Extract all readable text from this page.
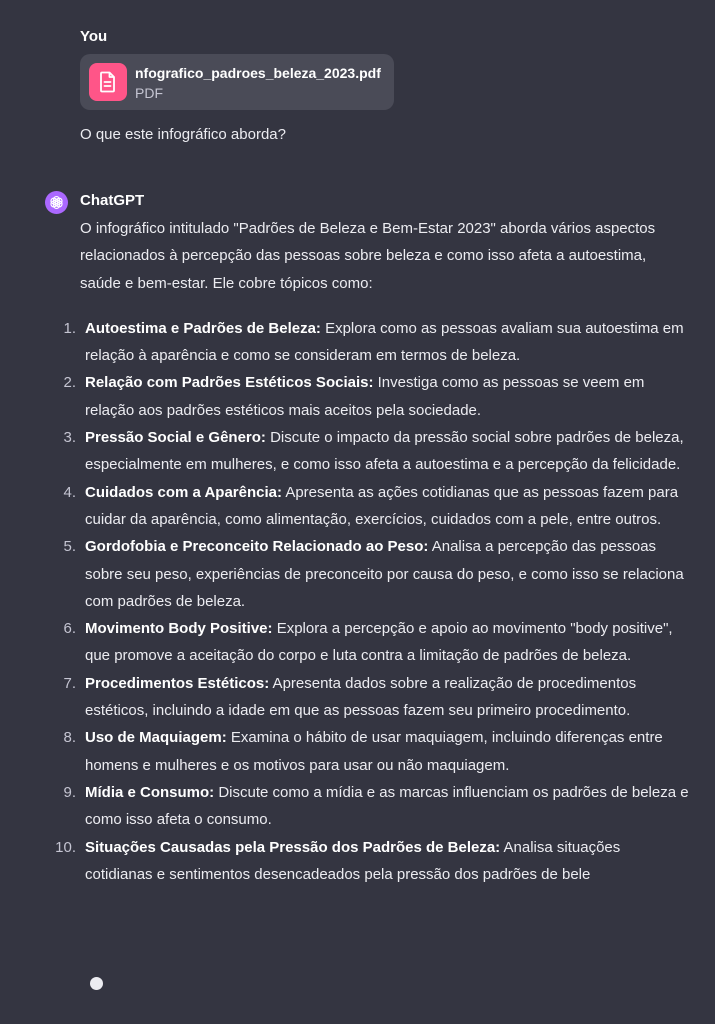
You
nfografico_padroes_beleza_2023.pdf
PDF
O que este infográfico aborda?
ChatGPT
O infográfico intitulado "Padrões de Beleza e Bem-Estar 2023" aborda vários aspectos relacionados à percepção das pessoas sobre beleza e como isso afeta a autoestima, saúde e bem-estar. Ele cobre tópicos como:
1. Autoestima e Padrões de Beleza: Explora como as pessoas avaliam sua autoestima em relação à aparência e como se consideram em termos de beleza.
2. Relação com Padrões Estéticos Sociais: Investiga como as pessoas se veem em relação aos padrões estéticos mais aceitos pela sociedade.
3. Pressão Social e Gênero: Discute o impacto da pressão social sobre padrões de beleza, especialmente em mulheres, e como isso afeta a autoestima e a percepção da felicidade.
4. Cuidados com a Aparência: Apresenta as ações cotidianas que as pessoas fazem para cuidar da aparência, como alimentação, exercícios, cuidados com a pele, entre outros.
5. Gordofobia e Preconceito Relacionado ao Peso: Analisa a percepção das pessoas sobre seu peso, experiências de preconceito por causa do peso, e como isso se relaciona com padrões de beleza.
6. Movimento Body Positive: Explora a percepção e apoio ao movimento "body positive", que promove a aceitação do corpo e luta contra a limitação de padrões de beleza.
7. Procedimentos Estéticos: Apresenta dados sobre a realização de procedimentos estéticos, incluindo a idade em que as pessoas fazem seu primeiro procedimento.
8. Uso de Maquiagem: Examina o hábito de usar maquiagem, incluindo diferenças entre homens e mulheres e os motivos para usar ou não maquiagem.
9. Mídia e Consumo: Discute como a mídia e as marcas influenciam os padrões de beleza e como isso afeta o consumo.
10. Situações Causadas pela Pressão dos Padrões de Beleza: Analisa situações cotidianas e sentimentos desencadeados pela pressão dos padrões de bele
